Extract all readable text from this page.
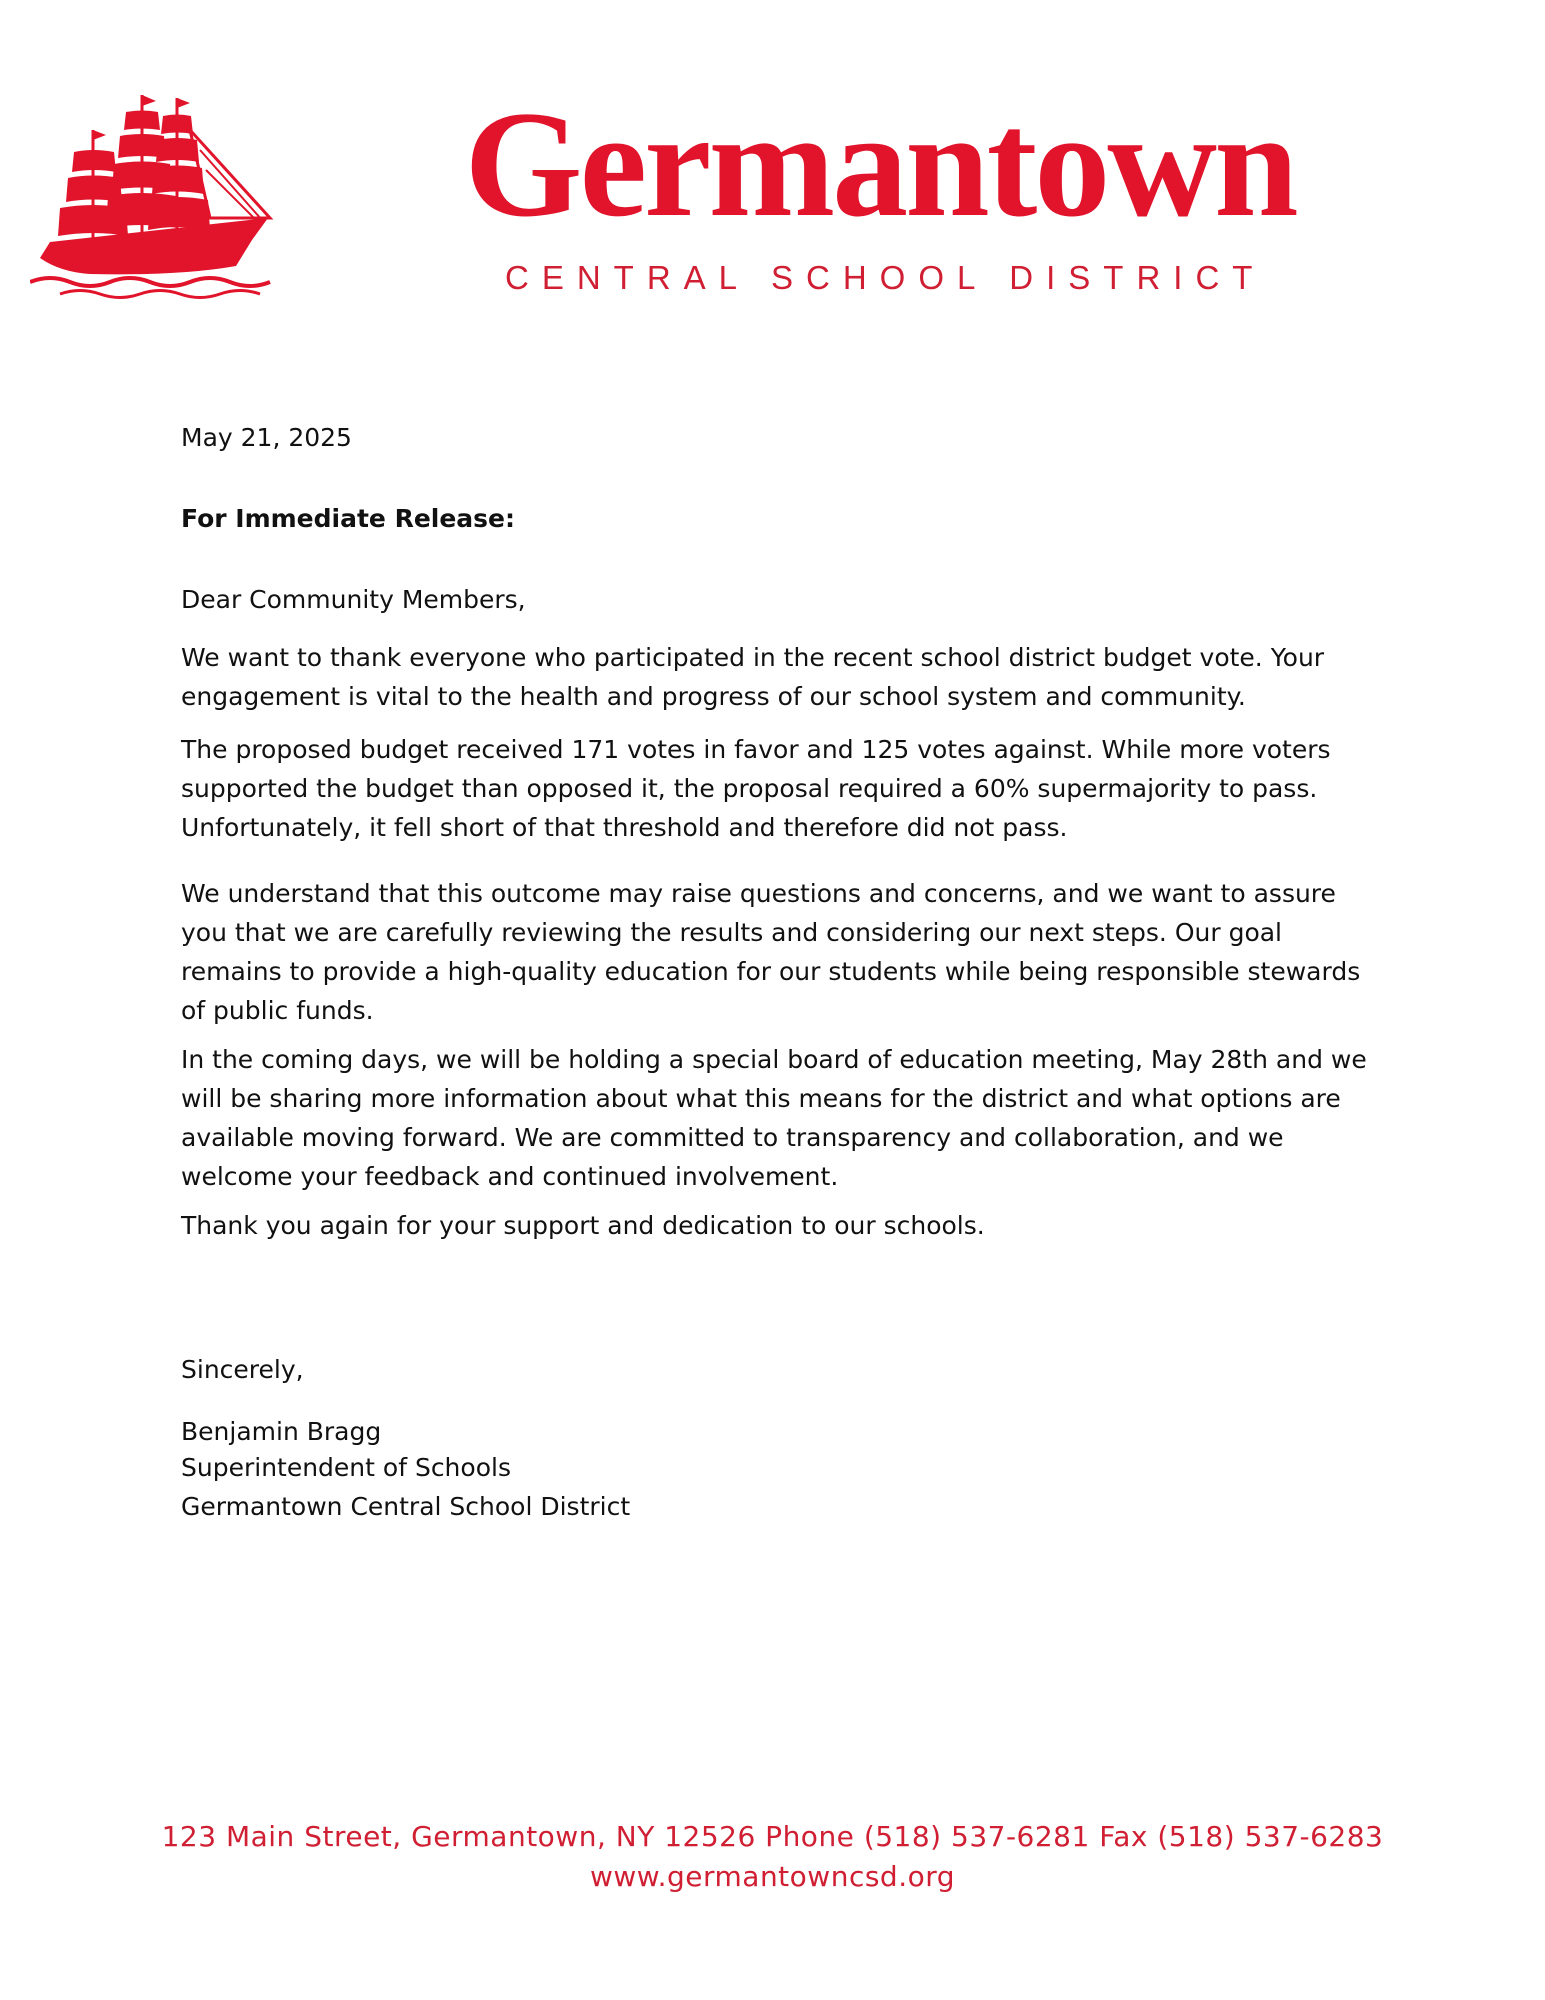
Germantown
CENTRAL SCHOOL DISTRICT
May 21, 2025
For Immediate Release:
Dear Community Members,
We want to thank everyone who participated in the recent school district budget vote. Your engagement is vital to the health and progress of our school system and community.
The proposed budget received 171 votes in favor and 125 votes against. While more voters supported the budget than opposed it, the proposal required a 60% supermajority to pass. Unfortunately, it fell short of that threshold and therefore did not pass.
We understand that this outcome may raise questions and concerns, and we want to assure you that we are carefully reviewing the results and considering our next steps. Our goal remains to provide a high-quality education for our students while being responsible stewards of public funds.
In the coming days, we will be holding a special board of education meeting, May 28th and we will be sharing more information about what this means for the district and what options are available moving forward. We are committed to transparency and collaboration, and we welcome your feedback and continued involvement.
Thank you again for your support and dedication to our schools.
Sincerely,
Benjamin Bragg
Superintendent of Schools
Germantown Central School District
123 Main Street, Germantown, NY 12526 Phone (518) 537-6281 Fax (518) 537-6283
www.germantowncsd.org
